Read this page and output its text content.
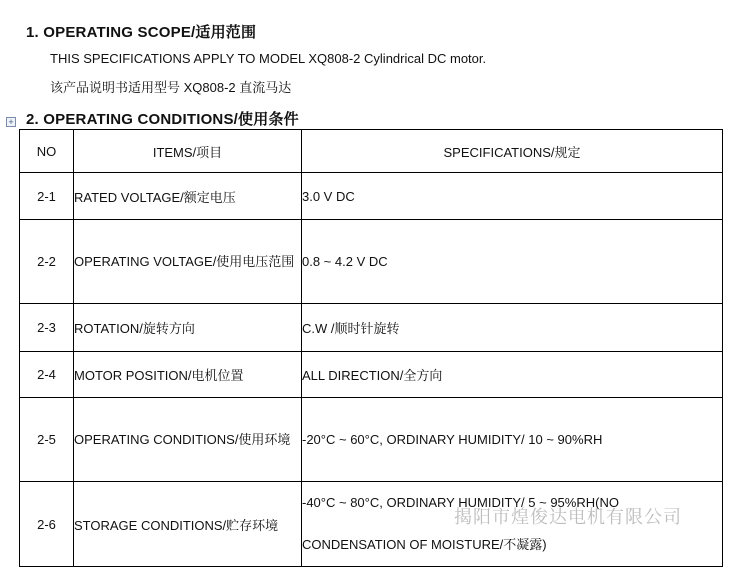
1. OPERATING SCOPE/适用范围
THIS SPECIFICATIONS APPLY TO MODEL XQ808-2 Cylindrical DC motor.
该产品说明书适用型号 XQ808-2 直流马达
+ 2. OPERATING CONDITIONS/使用条件
NO	ITEMS/项目	SPECIFICATIONS/规定
2-1	RATED VOLTAGE/额定电压	3.0 V DC
2-2	OPERATING VOLTAGE/使用电压范围	0.8 ~ 4.2 V DC
2-3	ROTATION/旋转方向	C.W /顺时针旋转
2-4	MOTOR POSITION/电机位置	ALL DIRECTION/全方向
2-5	OPERATING CONDITIONS/使用环境	-20°C ~ 60°C, ORDINARY HUMIDITY/ 10 ~ 90%RH
2-6	STORAGE CONDITIONS/贮存环境	-40°C ~ 80°C, ORDINARY HUMIDITY/ 5 ~ 95%RH(NO CONDENSATION OF MOISTURE/不凝露)
揭阳市煌俊达电机有限公司
